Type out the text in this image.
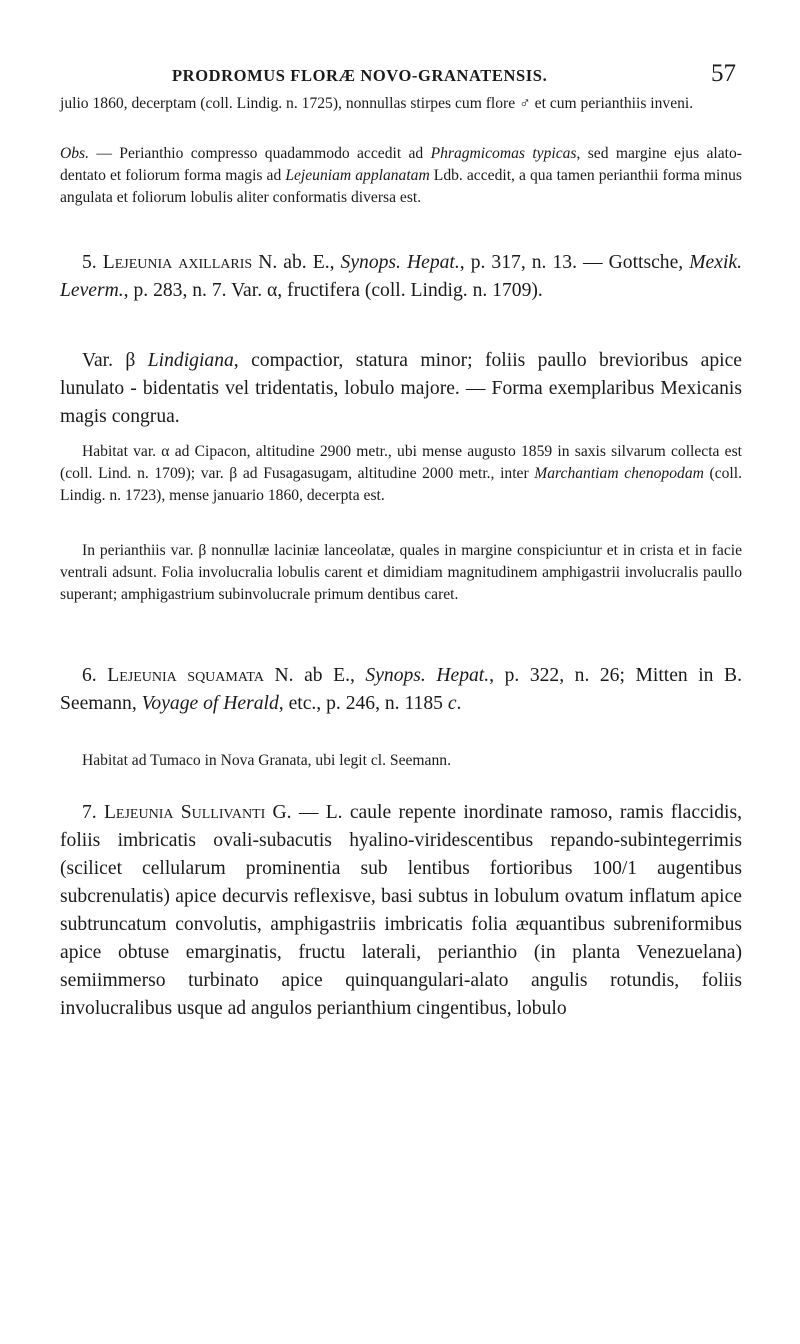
PRODROMUS FLORÆ NOVO-GRANATENSIS.	57

julio 1860, decerptam (coll. Lindig. n. 1725), nonnullas stirpes cum flore ♂ et cum perianthiis inveni.

Obs. — Perianthio compresso quadammodo accedit ad Phragmicomas typicas, sed margine ejus alato-dentato et foliorum forma magis ad Lejeuniam applanatam Ldb. accedit, a qua tamen perianthii forma minus angulata et foliorum lobulis aliter conformatis diversa est.

5. Lejeunia axillaris N. ab. E., Synops. Hepat., p. 317, n. 13. — Gottsche, Mexik. Leverm., p. 283, n. 7. Var. α, fructifera (coll. Lindig. n. 1709).

Var. β Lindigiana, compactior, statura minor; foliis paullo brevioribus apice lunulato - bidentatis vel tridentatis, lobulo majore. — Forma exemplaribus Mexicanis magis congrua.

Habitat var. α ad Cipacon, altitudine 2900 metr., ubi mense augusto 1859 in saxis silvarum collecta est (coll. Lind. n. 1709); var. β ad Fusagasugam, altitudine 2000 metr., inter Marchantiam chenopodam (coll. Lindig. n. 1723), mense januario 1860, decerpta est.

In perianthiis var. β nonnullæ laciniæ lanceolatæ, quales in margine conspiciuntur et in crista et in facie ventrali adsunt. Folia involucralia lobulis carent et dimidiam magnitudinem amphigastrii involucralis paullo superant; amphigastrium subinvolucrale primum dentibus caret.

6. Lejeunia squamata N. ab E., Synops. Hepat., p. 322, n. 26; Mitten in B. Seemann, Voyage of Herald, etc., p. 246, n. 1185 c.

Habitat ad Tumaco in Nova Granata, ubi legit cl. Seemann.

7. Lejeunia Sullivanti G. — L. caule repente inordinate ramoso, ramis flaccidis, foliis imbricatis ovali-subacutis hyalino-viridescentibus repando-subintegerrimis (scilicet cellularum prominentia sub lentibus fortioribus 100/1 augentibus subcrenulatis) apice decurvis reflexisve, basi subtus in lobulum ovatum inflatum apice subtruncatum convolutis, amphigastriis imbricatis folia æquantibus subreniformibus apice obtuse emarginatis, fructu laterali, perianthio (in planta Venezuelana) semiimmerso turbinato apice quinquangulari-alato angulis rotundis, foliis involucralibus usque ad angulos perianthium cingentibus, lobulo
